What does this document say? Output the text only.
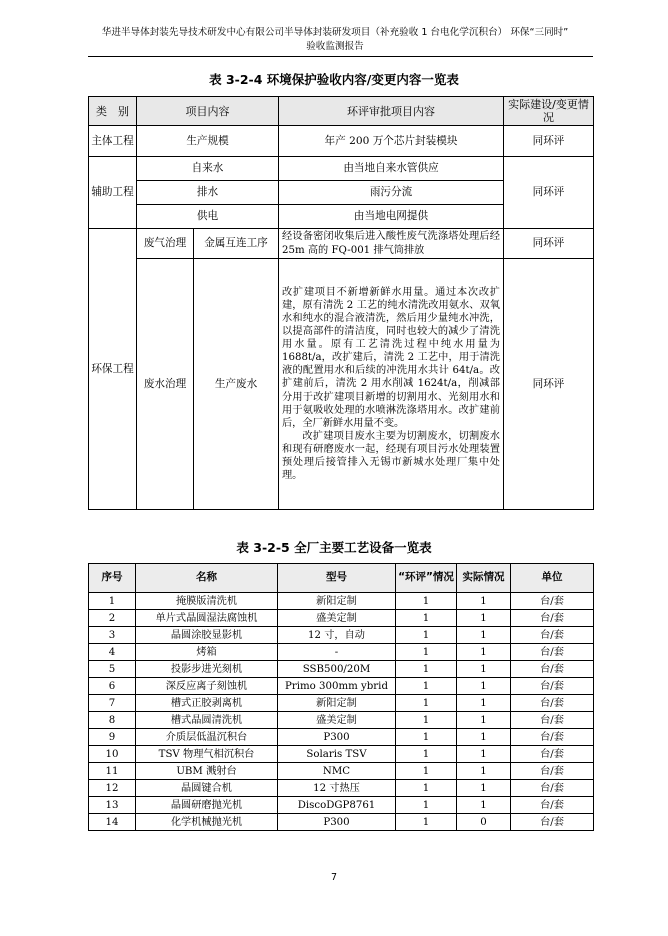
华进半导体封装先导技术研发中心有限公司半导体封装研发项目（补充验收 1 台电化学沉积台） 环保“三同时”
验收监测报告
表 3-2-4 环境保护验收内容/变更内容一览表
类　别	项目内容		环评审批项目内容	实际建设/变更情况
主体工程	生产规模		年产 200 万个芯片封装模块	同环评
辅助工程	自来水		由当地自来水管供应	同环评
	排水		雨污分流	
	供电		由当地电网提供	
环保工程	废气治理	金属互连工序	经设备密闭收集后进入酸性废气洗涤塔处理后经 25m 高的 FQ-001 排气筒排放	同环评
	废水治理	生产废水	改扩建项目不新增新鲜水用量。通过本次改扩建，原有清洗 2 工艺的纯水清洗改用氨水、双氧水和纯水的混合液清洗，然后用少量纯水冲洗，以提高部件的清洁度，同时也较大的减少了清洗用水量。原有工艺清洗过程中纯水用量为 1688t/a，改扩建后，清洗 2 工艺中，用于清洗液的配置用水和后续的冲洗用水共计 64t/a。改扩建前后，清洗 2 用水削减 1624t/a，削减部分用于改扩建项目新增的切割用水、光刻用水和用于氨吸收处理的水喷淋洗涤塔用水。改扩建前后，全厂新鲜水用量不变。
改扩建项目废水主要为切割废水，切割废水和现有研磨废水一起，经现有项目污水处理装置预处理后接管排入无锡市新城水处理厂集中处理。	同环评
表 3-2-5 全厂主要工艺设备一览表
序号	名称	型号	“环评”情况	实际情况	单位
1	掩膜版清洗机	新阳定制	1	1	台/套
2	单片式晶圆湿法腐蚀机	盛美定制	1	1	台/套
3	晶圆涂胶显影机	12 寸，自动	1	1	台/套
4	烤箱	-	1	1	台/套
5	投影步进光刻机	SSB500/20M	1	1	台/套
6	深反应离子刻蚀机	Primo 300mm ybrid	1	1	台/套
7	槽式正胶剥离机	新阳定制	1	1	台/套
8	槽式晶圆清洗机	盛美定制	1	1	台/套
9	介质层低温沉积台	P300	1	1	台/套
10	TSV 物理气相沉积台	Solaris TSV	1	1	台/套
11	UBM 溅射台	NMC	1	1	台/套
12	晶圆键合机	12 寸热压	1	1	台/套
13	晶圆研磨抛光机	DiscoDGP8761	1	1	台/套
14	化学机械抛光机	P300	1	0	台/套
7
